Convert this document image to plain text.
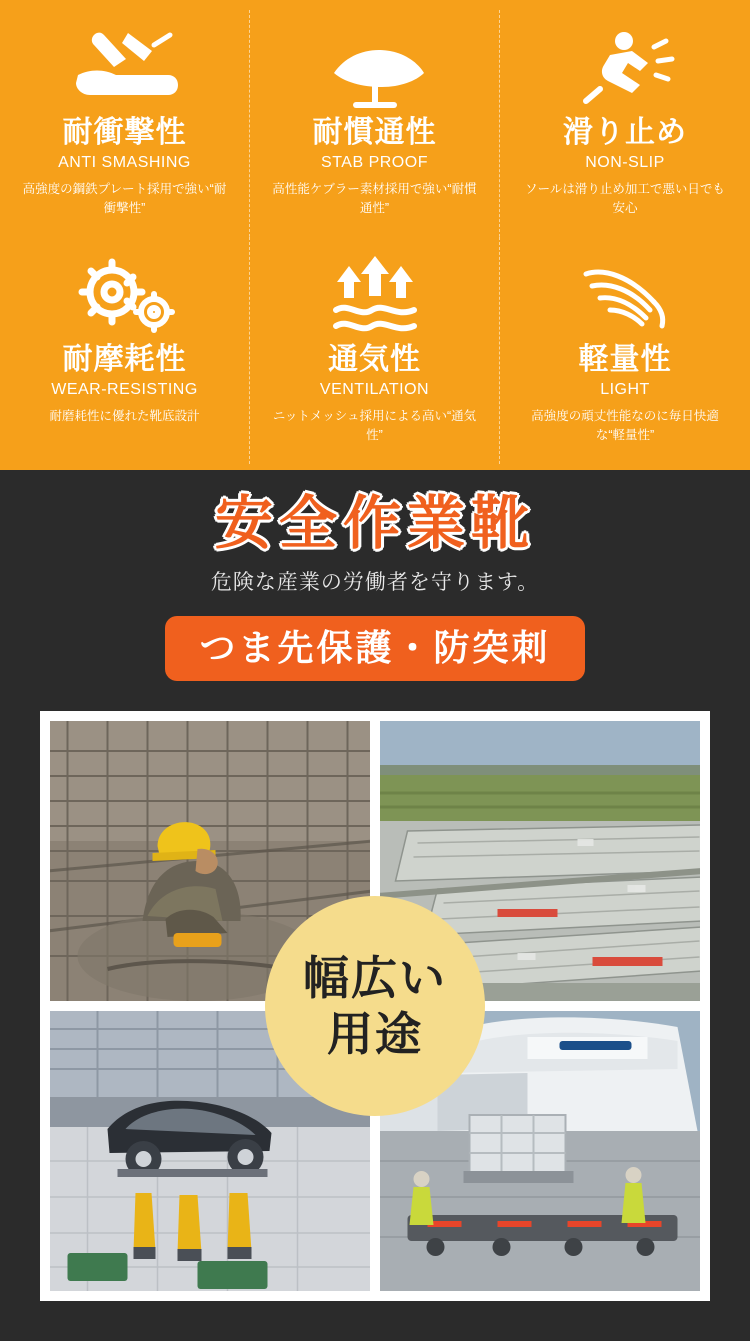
耐衝撃性
ANTI SMASHING
高強度の鋼鉄プレート採用で強い“耐衝撃性”
耐慣通性
STAB PROOF
高性能ケブラー素材採用で強い“耐慣通性”
滑り止め
NON-SLIP
ソールは滑り止め加工で悪い日でも安心
耐摩耗性
WEAR-RESISTING
耐磨耗性に優れた靴底設計
通気性
VENTILATION
ニットメッシュ採用による高い“通気性”
軽量性
LIGHT
高強度の頑丈性能なのに毎日快適な“軽量性”
安全作業靴
危険な産業の労働者を守ります。
つま先保護・防突刺
幅広い
用途
